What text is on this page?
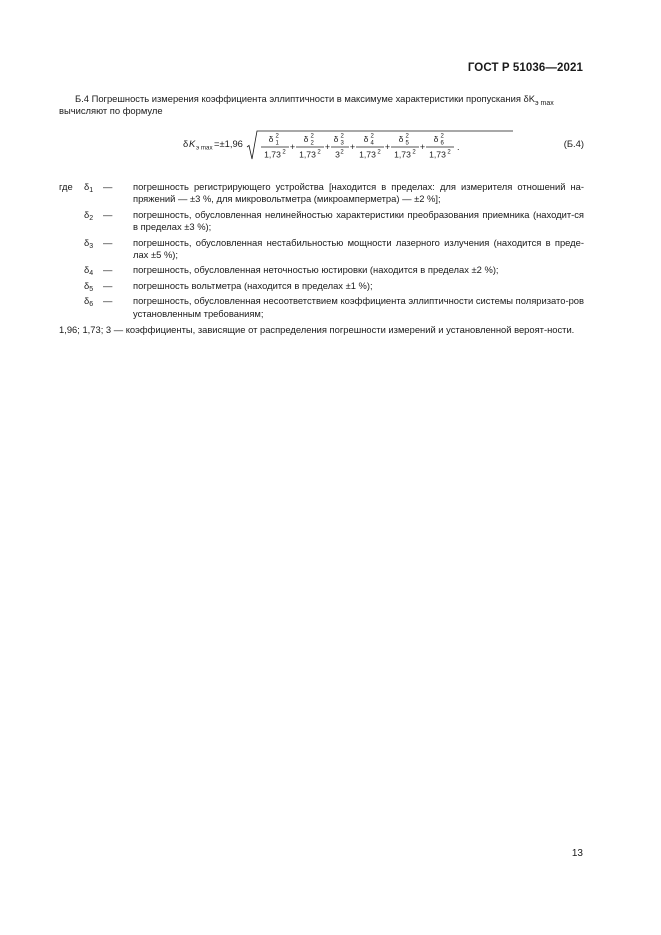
ГОСТ Р 51036—2021
Б.4 Погрешность измерения коэффициента эллиптичности в максимуме характеристики пропускания $\delta K_{э max}$
вычисляют по формуле
δ K э max =±1,96	δ 2
1
1,73 2
+
δ 2
2
1,73 2
+
δ 2
3
3 2
+
δ 2
4
1,73 2
+
δ 2
5
1,73 2
+
δ 2
6
1,73 2
.	(Б.4)
где	$\delta_1$	—	погрешность регистрирующего устройства [находится в пределах: для измерителя отношений на-пряжений — ±3 %, для микровольтметра (микроамперметра) — ±2 %];
$\delta_2$	—	погрешность, обусловленная нелинейностью характеристики преобразования приемника (находит-ся в пределах ±3 %);
$\delta_3$	—	погрешность, обусловленная нестабильностью мощности лазерного излучения (находится в преде-лах ±5 %);
$\delta_4$	—	погрешность, обусловленная неточностью юстировки (находится в пределах ±2 %);
$\delta_5$	—	погрешность вольтметра (находится в пределах ±1 %);
$\delta_6$	—	погрешность, обусловленная несоответствием коэффициента эллиптичности системы поляризато-ров установленным требованиям;
1,96; 1,73; 3 — коэффициенты, зависящие от распределения погрешности измерений и установленной вероят-ности.
13
